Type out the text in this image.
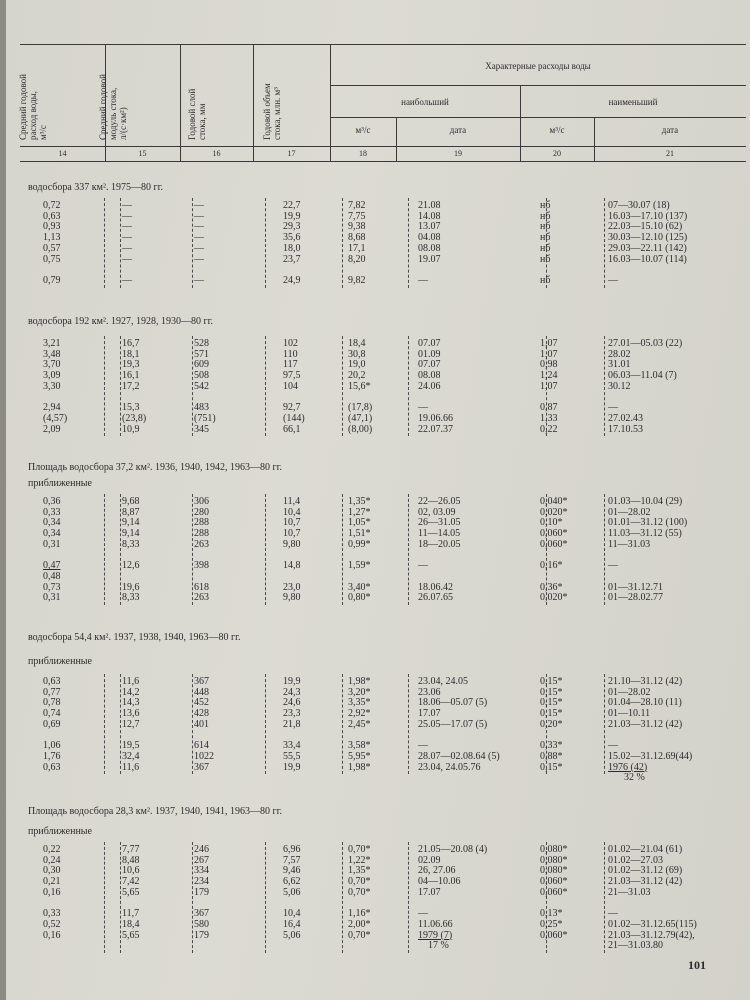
Средний годовой
расход воды,
м³/с	Средний годовой
модуль стока,
л/(с·км²)	Годовой слой
стока, мм	Годовой объем
стока, млн. м³
Характерные расходы воды
наибольший	наименьший
м³/с	дата	м³/с	дата
14	15	16	17	18	19	20	21
водосбора 337 км². 1975—80 гг.
0,72	—	—	22,7	7,82	21.08	нб	07—30.07 (18)
0,63	—	—	19,9	7,75	14.08	нб	16.03—17.10 (137)
0,93	—	—	29,3	9,38	13.07	нб	22.03—15.10 (62)
1,13	—	—	35,6	8,68	04.08	нб	30.03—12.10 (125)
0,57	—	—	18,0	17,1	08.08	нб	29.03—22.11 (142)
0,75	—	—	23,7	8,20	19.07	нб	16.03—10.07 (114)
0,79	—	—	24,9	9,82	—	нб	—
водосбора 192 км². 1927, 1928, 1930—80 гг.
3,21	16,7	528	102	18,4	07.07	1,07	27.01—05.03 (22)
3,48	18,1	571	110	30,8	01.09	1,07	28.02
3,70	19,3	609	117	19,0	07.07	0,98	31.01
3,09	16,1	508	97,5	20,2	08.08	1,24	06.03—11.04 (7)
3,30	17,2	542	104	15,6*	24.06	1,07	30.12
2,94	15,3	483	92,7	(17,8)	—	0,87	—
(4,57)	(23,8)	(751)	(144)	(47,1)	19.06.66	1,33	27.02.43
2,09	10,9	345	66,1	(8,00)	22.07.37	0,22	17.10.53
Площадь водосбора 37,2 км². 1936, 1940, 1942, 1963—80 гг.
приближенные
0,36	9,68	306	11,4	1,35*	22—26.05	0,040*	01.03—10.04 (29)
0,33	8,87	280	10,4	1,27*	02, 03.09	0,020*	01—28.02
0,34	9,14	288	10,7	1,05*	26—31.05	0,10*	01.01—31.12 (100)
0,34	9,14	288	10,7	1,51*	11—14.05	0,060*	11.03—31.12 (55)
0,31	8,33	263	9,80	0,99*	18—20.05	0,060*	11—31.03
0,47	12,6	398	14,8	1,59*	—	0,16*	—
0,48
0,73	19,6	618	23,0	3,40*	18.06.42	0,36*	01—31.12.71
0,31	8,33	263	9,80	0,80*	26.07.65	0,020*	01—28.02.77
водосбора 54,4 км². 1937, 1938, 1940, 1963—80 гг.
приближенные
0,63	11,6	367	19,9	1,98*	23.04, 24.05	0,15*	21.10—31.12 (42)
0,77	14,2	448	24,3	3,20*	23.06	0,15*	01—28.02
0,78	14,3	452	24,6	3,35*	18.06—05.07 (5)	0,15*	01.04—28.10 (11)
0,74	13,6	428	23,3	2,92*	17.07	0,15*	01—10.11
0,69	12,7	401	21,8	2,45*	25.05—17.07 (5)	0,20*	21.03—31.12 (42)
1,06	19,5	614	33,4	3,58*	—	0,33*	—
1,76	32,4	1022	55,5	5,95*	28.07—02.08.64 (5)	0,88*	15.02—31.12.69(44)
0,63	11,6	367	19,9	1,98*	23.04, 24.05.76	0,15*	1976 (42)
32 %
Площадь водосбора 28,3 км². 1937, 1940, 1941, 1963—80 гг.
приближенные
0,22	7,77	246	6,96	0,70*	21.05—20.08 (4)	0,080*	01.02—21.04 (61)
0,24	8,48	267	7,57	1,22*	02.09	0,080*	01.02—27.03
0,30	10,6	334	9,46	1,35*	26, 27.06	0,080*	01.02—31.12 (69)
0,21	7,42	234	6,62	0,70*	04—10.06	0,060*	21.03—31.12 (42)
0,16	5,65	179	5,06	0,70*	17.07	0,060*	21—31.03
0,33	11,7	367	10,4	1,16*	—	0,13*	—
0,52	18,4	580	16,4	2,00*	11.06.66	0,25*	01.02—31.12.65(115)
0,16	5,65	179	5,06	0,70*	1979 (7)	0,060*	21.03—31.12.79(42),
21—31.03.80
17 %
101
